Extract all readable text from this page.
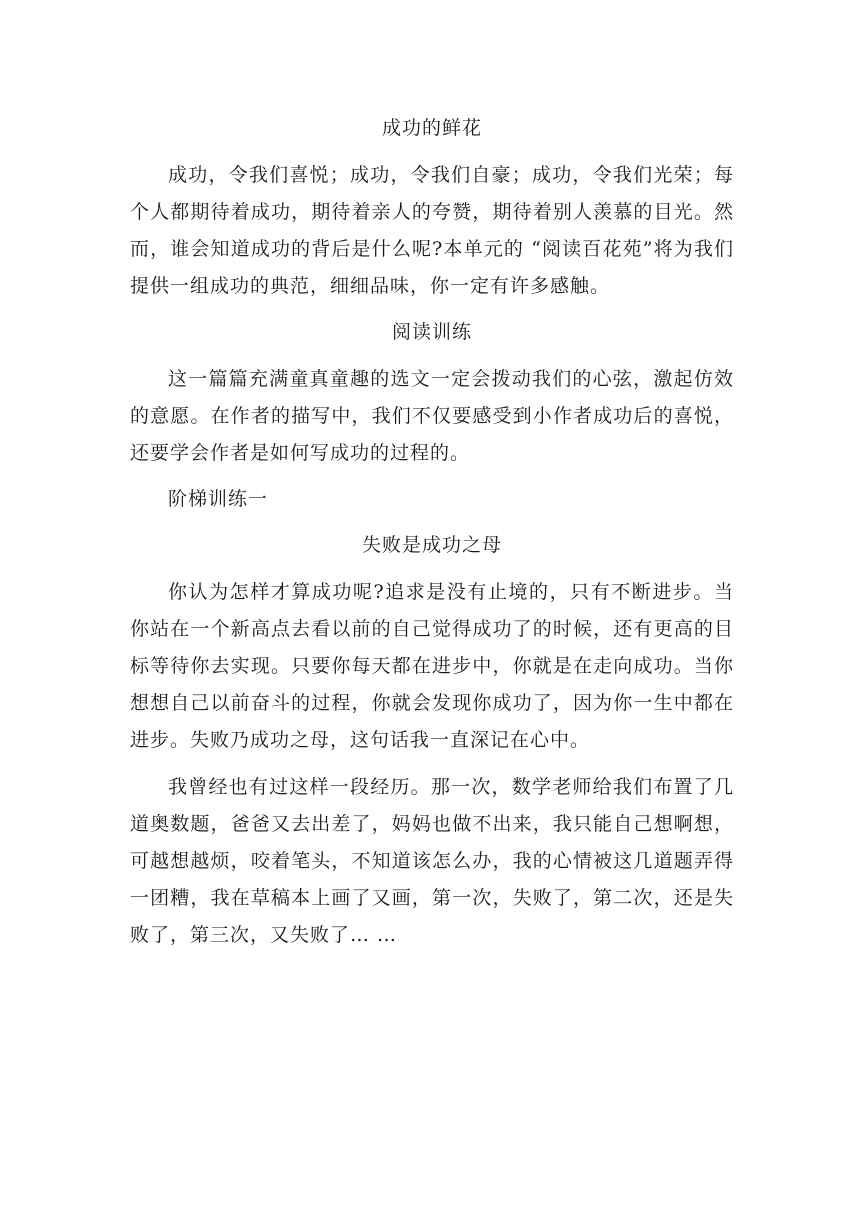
成功的鲜花

成功，令我们喜悦；成功，令我们自豪；成功，令我们光荣；每个人都期待着成功，期待着亲人的夸赞，期待着别人羡慕的目光。然而，谁会知道成功的背后是什么呢?本单元的 “阅读百花苑”将为我们提供一组成功的典范，细细品味，你一定有许多感触。

阅读训练

这一篇篇充满童真童趣的选文一定会拨动我们的心弦，激起仿效的意愿。在作者的描写中，我们不仅要感受到小作者成功后的喜悦，还要学会作者是如何写成功的过程的。

阶梯训练一
失败是成功之母

你认为怎样才算成功呢?追求是没有止境的，只有不断进步。当你站在一个新高点去看以前的自己觉得成功了的时候，还有更高的目标等待你去实现。只要你每天都在进步中，你就是在走向成功。当你想想自己以前奋斗的过程，你就会发现你成功了，因为你一生中都在进步。失败乃成功之母，这句话我一直深记在心中。

我曾经也有过这样一段经历。那一次，数学老师给我们布置了几道奥数题，爸爸又去出差了，妈妈也做不出来，我只能自己想啊想，可越想越烦，咬着笔头，不知道该怎么办，我的心情被这几道题弄得一团糟，我在草稿本上画了又画，第一次，失败了，第二次，还是失败了，第三次，又失败了… …
